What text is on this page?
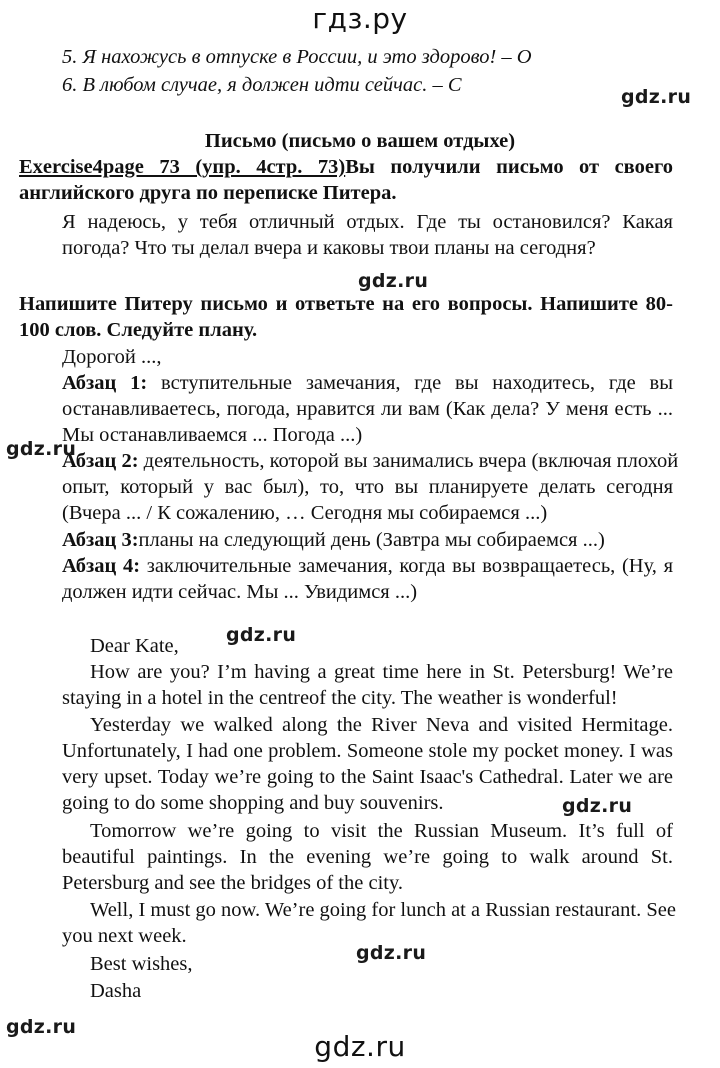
гдз.ру
5. Я нахожусь в отпуске в России, и это здорово! – O
6. В любом случае, я должен идти сейчас. – C
gdz.ru
Письмо (письмо о вашем отдыхе)
Exercise4page 73 (упр. 4стр. 73)Вы получили письмо от своего
английского друга по переписке Питера.
Я надеюсь, у тебя отличный отдых. Где ты остановился? Какая
погода? Что ты делал вчера и каковы твои планы на сегодня?
gdz.ru
Напишите Питеру письмо и ответьте на его вопросы. Напишите 80-
100 слов. Следуйте плану.
Дорогой ...,
Абзац 1: вступительные замечания, где вы находитесь, где вы
останавливаетесь, погода, нравится ли вам (Как дела? У меня есть ...
Мы останавливаемся ... Погода ...)
gdz.ru
Абзац 2: деятельность, которой вы занимались вчера (включая плохой
опыт, который у вас был), то, что вы планируете делать сегодня
(Вчера ... / К сожалению, … Сегодня мы собираемся ...)
Абзац 3:планы на следующий день (Завтра мы собираемся ...)
Абзац 4: заключительные замечания, когда вы возвращаетесь, (Ну, я
должен идти сейчас. Мы ... Увидимся ...)
Dear Kate, gdz.ru
How are you? I’m having a great time here in St. Petersburg! We’re
staying in a hotel in the centreof the city. The weather is wonderful!
Yesterday we walked along the River Neva and visited Hermitage.
Unfortunately, I had one problem. Someone stole my pocket money. I was
very upset. Today we’re going to the Saint Isaac's Cathedral. Later we are
going to do some shopping and buy souvenirs.	gdz.ru
Tomorrow we’re going to visit the Russian Museum. It’s full of
beautiful paintings. In the evening we’re going to walk around St.
Petersburg and see the bridges of the city.
Well, I must go now. We’re going for lunch at a Russian restaurant. See
you next week.
gdz.ru
Best wishes,
Dasha
gdz.ru
gdz.ru
